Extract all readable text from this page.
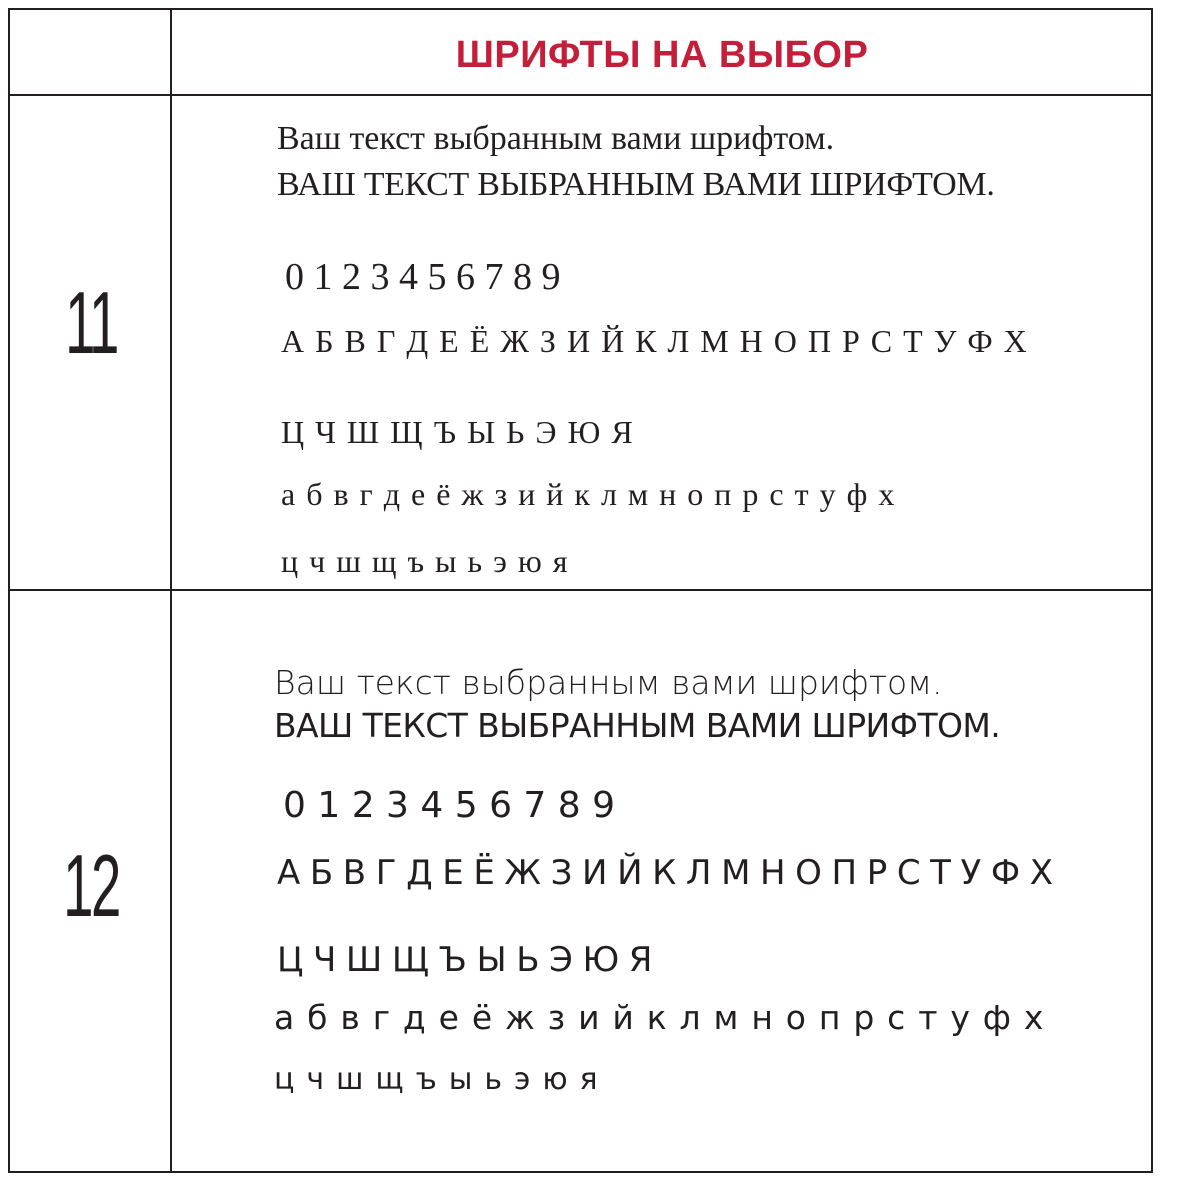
ШРИФТЫ НА ВЫБОР
11
Ваш текст выбранным вами шрифтом.
ВАШ ТЕКСТ ВЫБРАННЫМ ВАМИ ШРИФТОМ.
0 1 2 3 4 5 6 7 8 9
А Б В Г Д Е Ё Ж З И Й К Л М Н О П Р С Т У Ф Х
Ц Ч Ш Щ Ъ Ы Ь Э Ю Я
а б в г д е ё ж з и й к л м н о п р с т у ф х
ц ч ш щ ъ ы ь э ю я
12
Ваш текст выбранным вами шрифтом.
ВАШ ТЕКСТ ВЫБРАННЫМ ВАМИ ШРИФТОМ.
0 1 2 3 4 5 6 7 8 9
А Б В Г Д Е Ё Ж З И Й К Л М Н О П Р С Т У Ф Х
Ц Ч Ш Щ Ъ Ы Ь Э Ю Я
а б в г д е ё ж з и й к л м н о п р с т у ф х
ц ч ш щ ъ ы ь э ю я
